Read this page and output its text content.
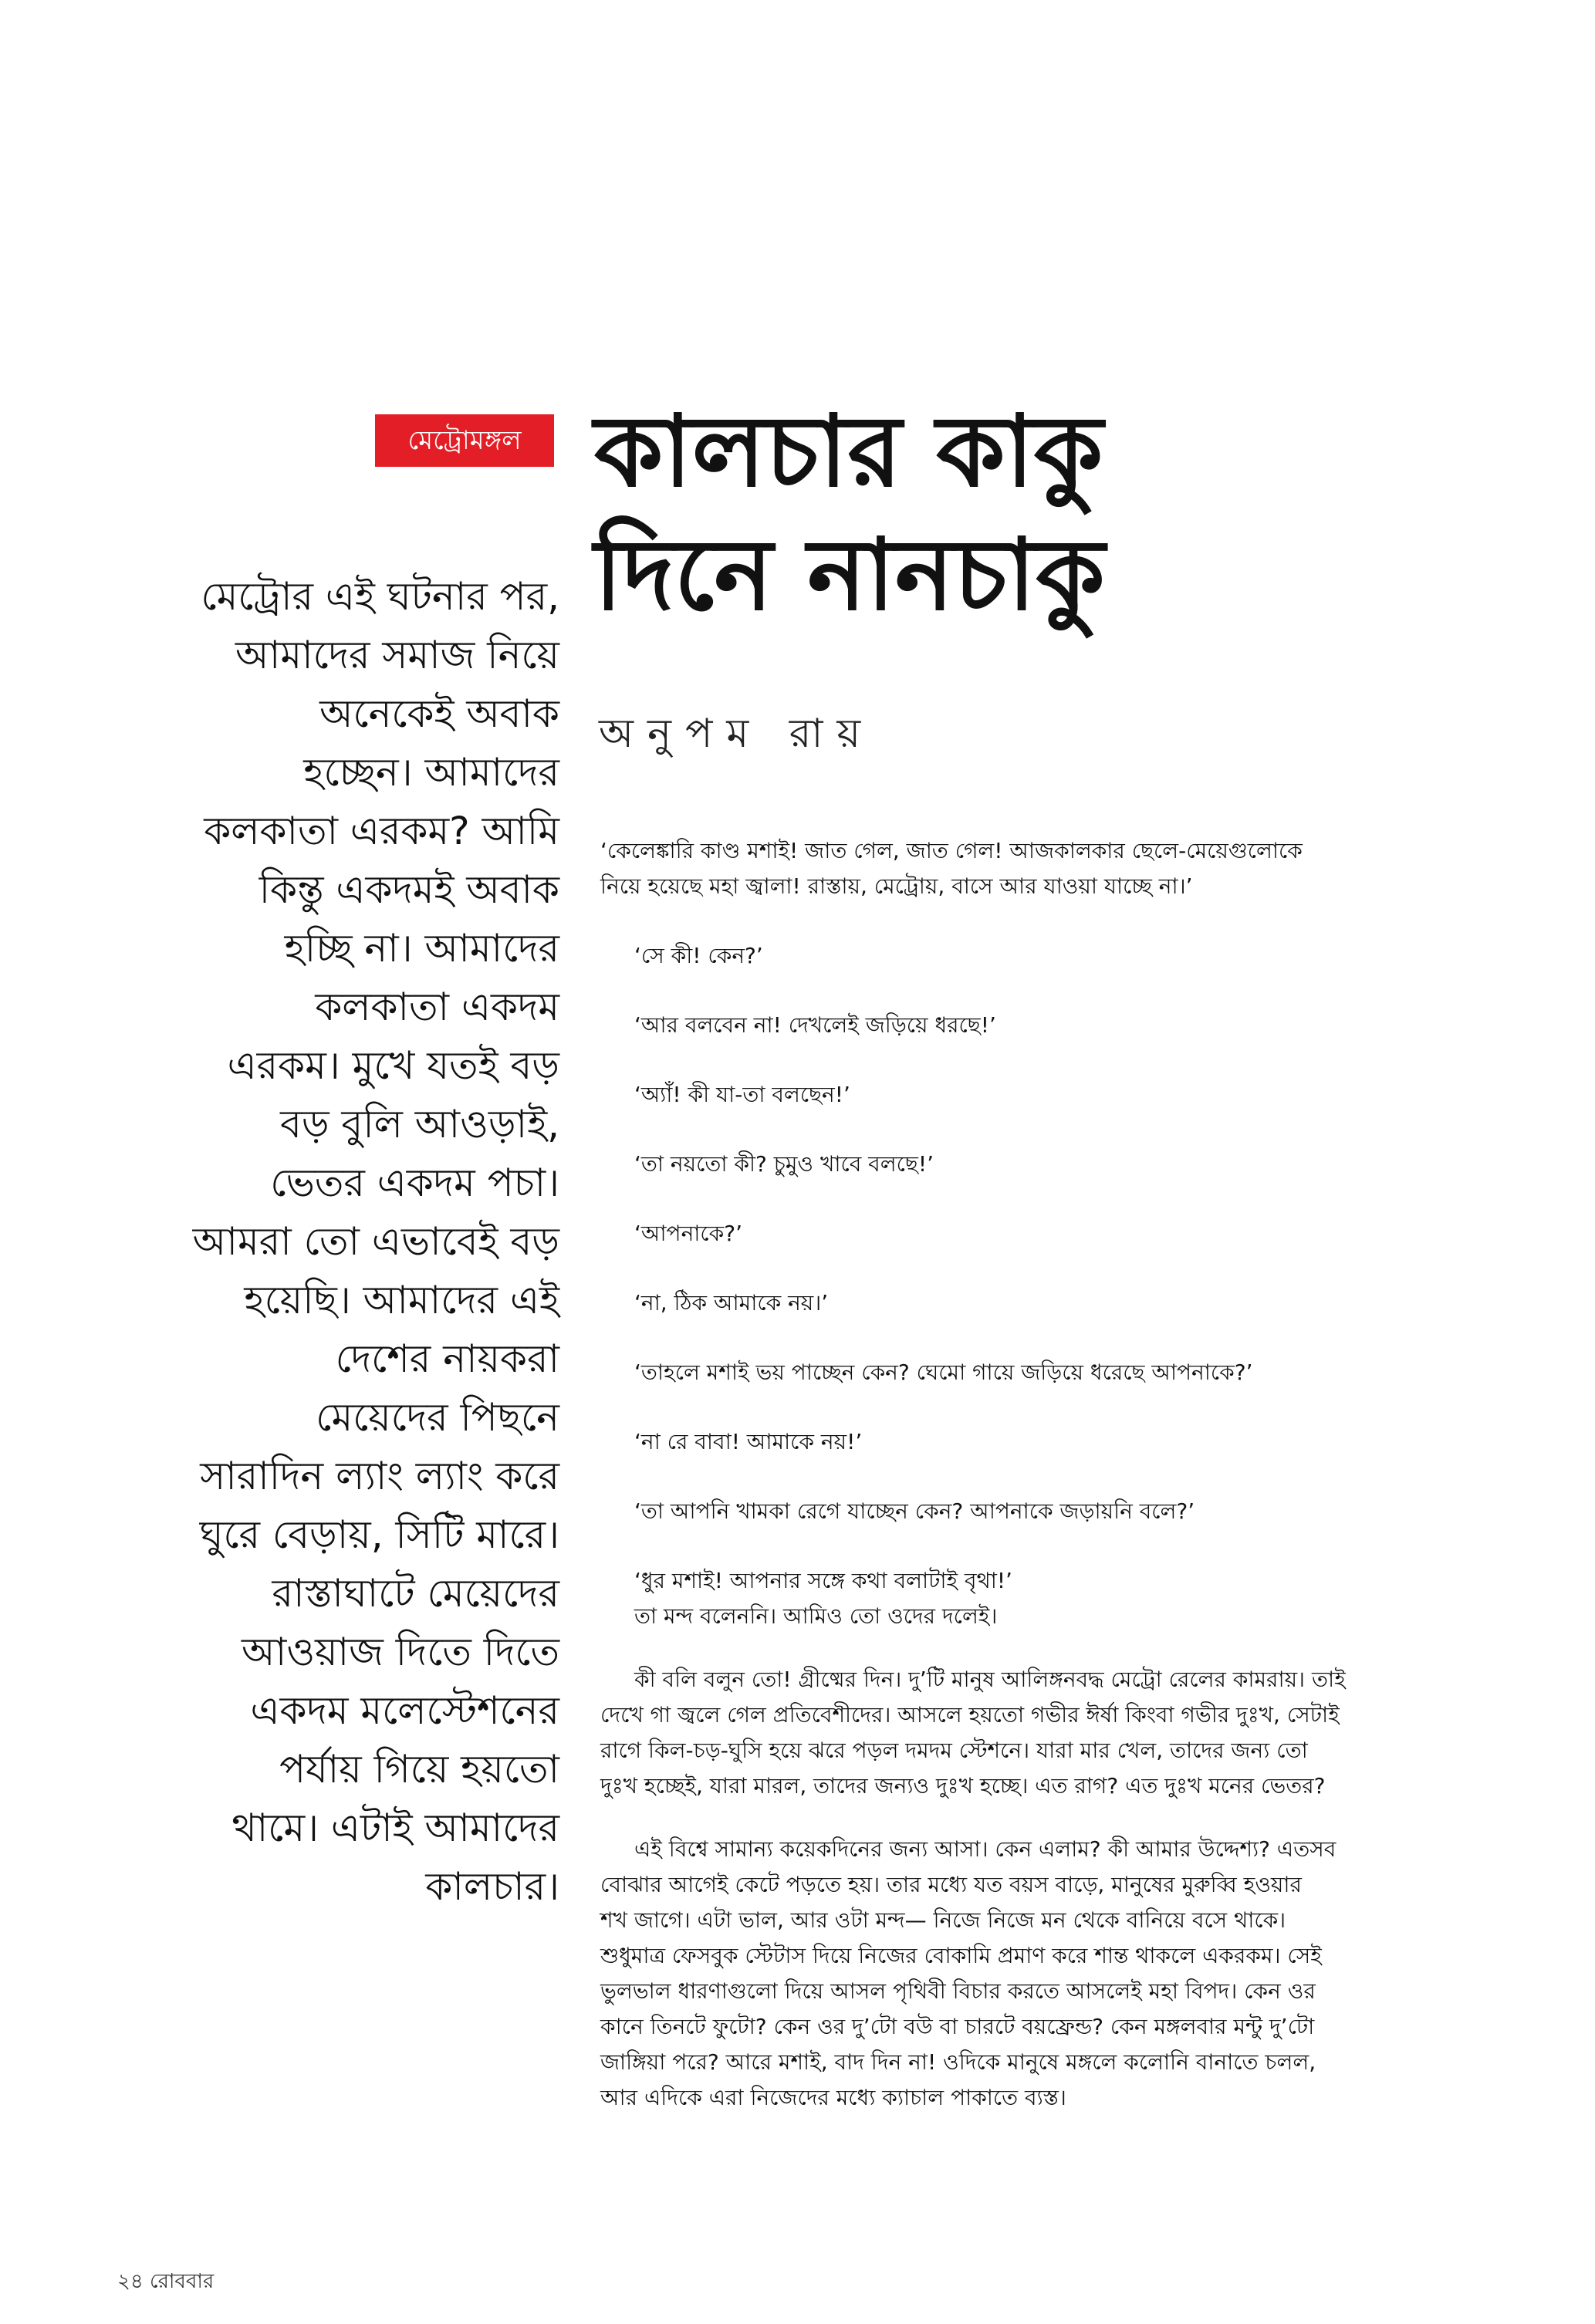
মেট্রোমঙ্গল কালচার কাকু
দিনে নানচাকু
অনুপম রায়
মেট্রোর এই ঘটনার পর,
আমাদের সমাজ নিয়ে
অনেকেই অবাক
হচ্ছেন। আমাদের
কলকাতা এরকম? আমি
কিন্তু একদমই অবাক
হচ্ছি না। আমাদের
কলকাতা একদম
এরকম। মুখে যতই বড়
বড় বুলি আওড়াই,
ভেতর একদম পচা।
আমরা তো এভাবেই বড়
হয়েছি। আমাদের এই
দেশের নায়করা
মেয়েদের পিছনে
সারাদিন ল্যাং ল্যাং করে
ঘুরে বেড়ায়, সিটি মারে।
রাস্তাঘাটে মেয়েদের
আওয়াজ দিতে দিতে
একদম মলেস্টেশনের
পর্যায় গিয়ে হয়তো
থামে। এটাই আমাদের
কালচার।

‘কেলেঙ্কারি কাণ্ড মশাই! জাত গেল, জাত গেল! আজকালকার ছেলে-মেয়েগুলোকে

নিয়ে হয়েছে মহা জ্বালা! রাস্তায়, মেট্রোয়, বাসে আর যাওয়া যাচ্ছে না।’

‘সে কী! কেন?’

‘আর বলবেন না! দেখলেই জড়িয়ে ধরছে!’

‘অ্যাঁ! কী যা-তা বলছেন!’

‘তা নয়তো কী? চুমুও খাবে বলছে!’

‘আপনাকে?’

‘না, ঠিক আমাকে নয়।’

‘তাহলে মশাই ভয় পাচ্ছেন কেন? ঘেমো গায়ে জড়িয়ে ধরেছে আপনাকে?’

‘না রে বাবা! আমাকে নয়!’

‘তা আপনি খামকা রেগে যাচ্ছেন কেন? আপনাকে জড়ায়নি বলে?’

‘ধুর মশাই! আপনার সঙ্গে কথা বলাটাই বৃথা!’

তা মন্দ বলেননি। আমিও তো ওদের দলেই।

কী বলি বলুন তো! গ্রীষ্মের দিন। দু’টি মানুষ আলিঙ্গনবদ্ধ মেট্রো রেলের কামরায়। তাই

দেখে গা জ্বলে গেল প্রতিবেশীদের। আসলে হয়তো গভীর ঈর্ষা কিংবা গভীর দুঃখ, সেটাই

রাগে কিল-চড়-ঘুসি হয়ে ঝরে পড়ল দমদম স্টেশনে। যারা মার খেল, তাদের জন্য তো

দুঃখ হচ্ছেই, যারা মারল, তাদের জন্যও দুঃখ হচ্ছে। এত রাগ? এত দুঃখ মনের ভেতর?

এই বিশ্বে সামান্য কয়েকদিনের জন্য আসা। কেন এলাম? কী আমার উদ্দেশ্য? এতসব

বোঝার আগেই কেটে পড়তে হয়। তার মধ্যে যত বয়স বাড়ে, মানুষের মুরুব্বি হওয়ার

শখ জাগে। এটা ভাল, আর ওটা মন্দ— নিজে নিজে মন থেকে বানিয়ে বসে থাকে।

শুধুমাত্র ফেসবুক স্টেটাস দিয়ে নিজের বোকামি প্রমাণ করে শান্ত থাকলে একরকম। সেই

ভুলভাল ধারণাগুলো দিয়ে আসল পৃথিবী বিচার করতে আসলেই মহা বিপদ। কেন ওর

কানে তিনটে ফুটো? কেন ওর দু’টো বউ বা চারটে বয়ফ্রেন্ড? কেন মঙ্গলবার মন্টু দু’টো

জাঙ্গিয়া পরে? আরে মশাই, বাদ দিন না! ওদিকে মানুষে মঙ্গলে কলোনি বানাতে চলল,

আর এদিকে এরা নিজেদের মধ্যে ক্যাচাল পাকাতে ব্যস্ত।

২৪ রোববার
